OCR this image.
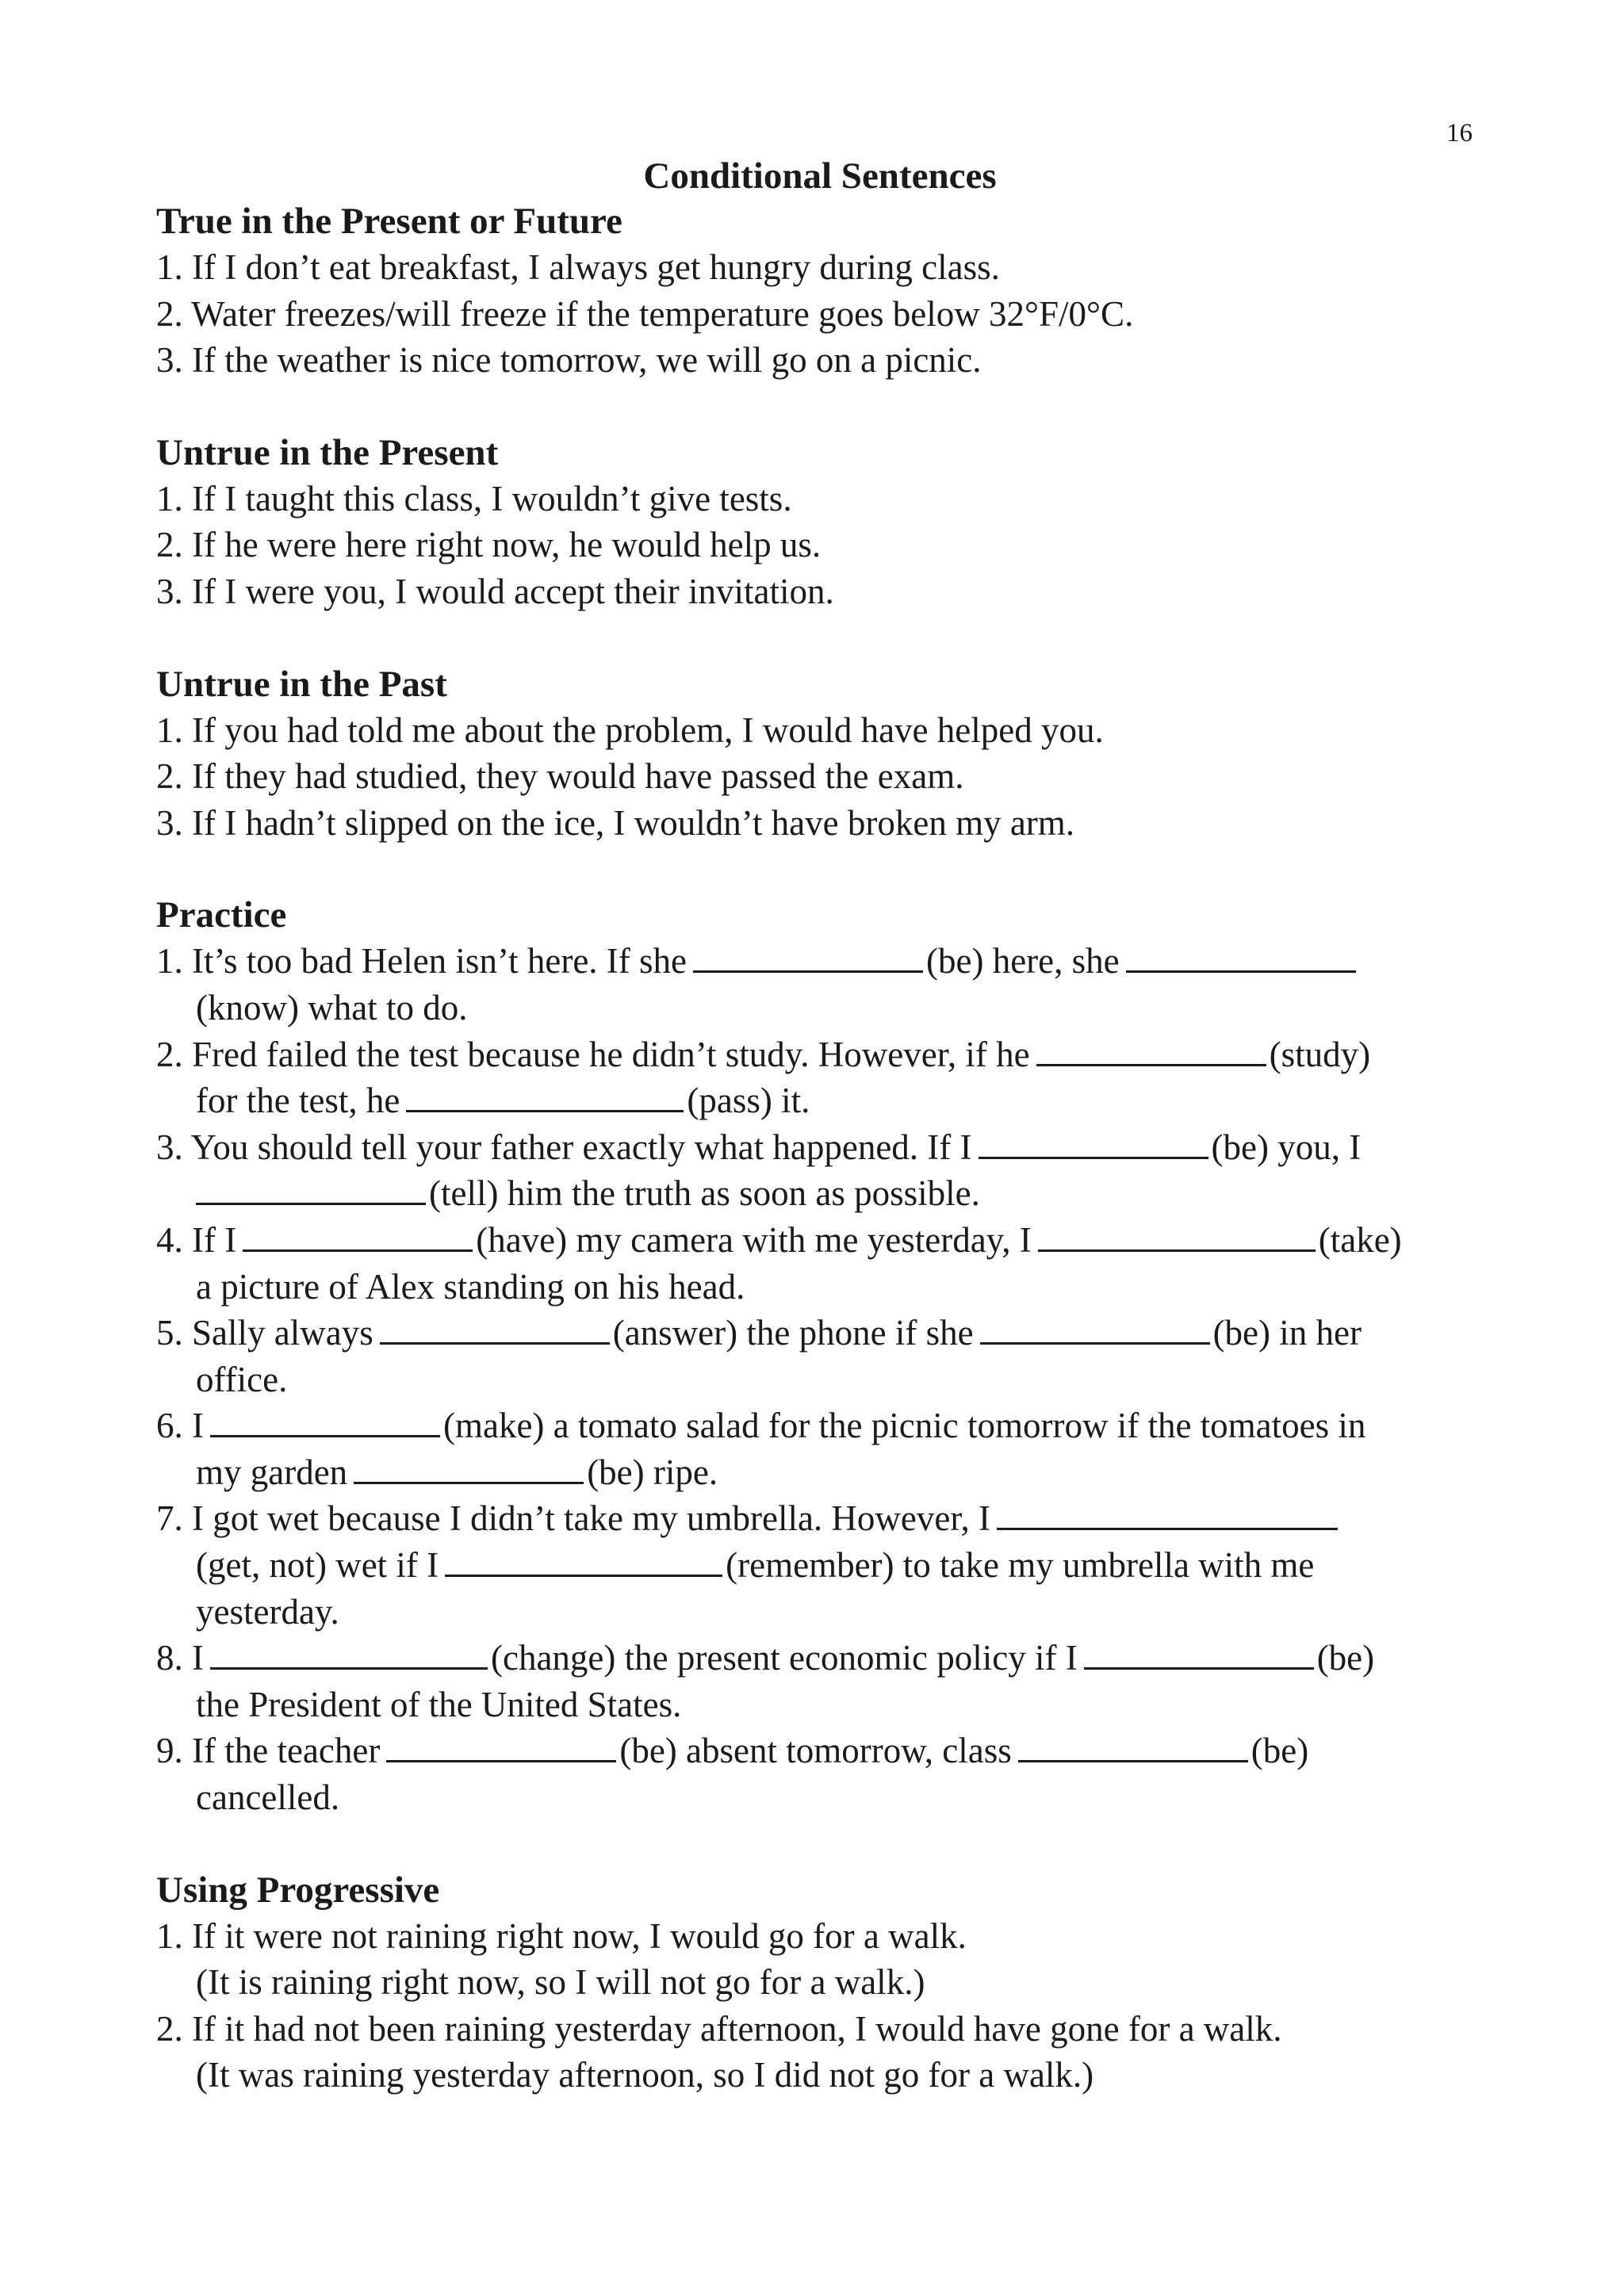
16
Conditional Sentences
True in the Present or Future
1. If I don’t eat breakfast, I always get hungry during class.
2. Water freezes/will freeze if the temperature goes below 32°F/0°C.
3. If the weather is nice tomorrow, we will go on a picnic.
Untrue in the Present
1. If I taught this class, I wouldn’t give tests.
2. If he were here right now, he would help us.
3. If I were you, I would accept their invitation.
Untrue in the Past
1. If you had told me about the problem, I would have helped you.
2. If they had studied, they would have passed the exam.
3. If I hadn’t slipped on the ice, I wouldn’t have broken my arm.
Practice
1. It’s too bad Helen isn’t here. If she	(be) here, she
(know) what to do.
2. Fred failed the test because he didn’t study. However, if he	(study)
for the test, he	(pass) it.
3. You should tell your father exactly what happened. If I	(be) you, I
(tell) him the truth as soon as possible.
4. If I	(have) my camera with me yesterday, I	(take)
a picture of Alex standing on his head.
5. Sally always	(answer) the phone if she	(be) in her
office.
6. I	(make) a tomato salad for the picnic tomorrow if the tomatoes in
my garden	(be) ripe.
7. I got wet because I didn’t take my umbrella. However, I
(get, not) wet if I	(remember) to take my umbrella with me
yesterday.
8. I	(change) the present economic policy if I	(be)
the President of the United States.
9. If the teacher	(be) absent tomorrow, class	(be)
cancelled.
Using Progressive
1. If it were not raining right now, I would go for a walk.
(It is raining right now, so I will not go for a walk.)
2. If it had not been raining yesterday afternoon, I would have gone for a walk.
(It was raining yesterday afternoon, so I did not go for a walk.)
